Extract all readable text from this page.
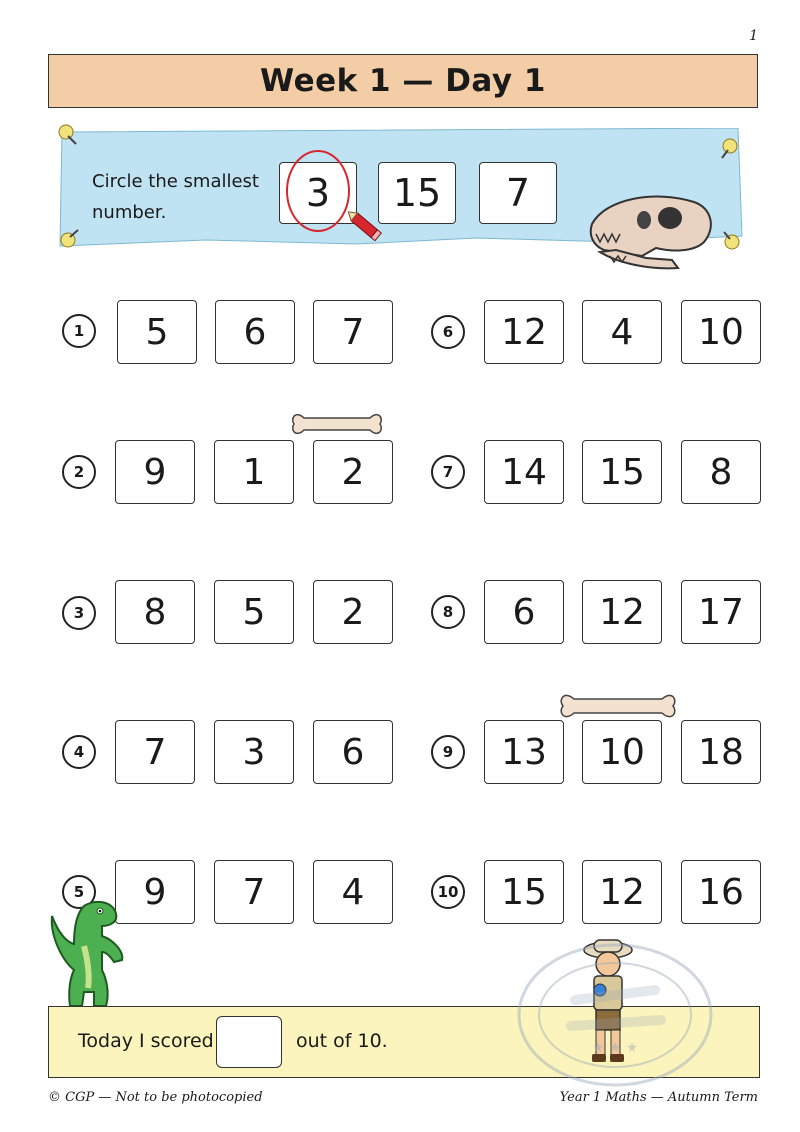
1
Week 1 — Day 1
Circle the smallest
number.	3	15	7
1	5	6	7
2	9	1	2
3	8	5	2
4	7	3	6
5	9	7	4
6	12	4	10
7	14	15	8
8	6	12	17
9	13	10	18
10	15	12	16
Today I scored	out of 10.	★ ★ ★
© CGP — Not to be photocopied	Year 1 Maths — Autumn Term
